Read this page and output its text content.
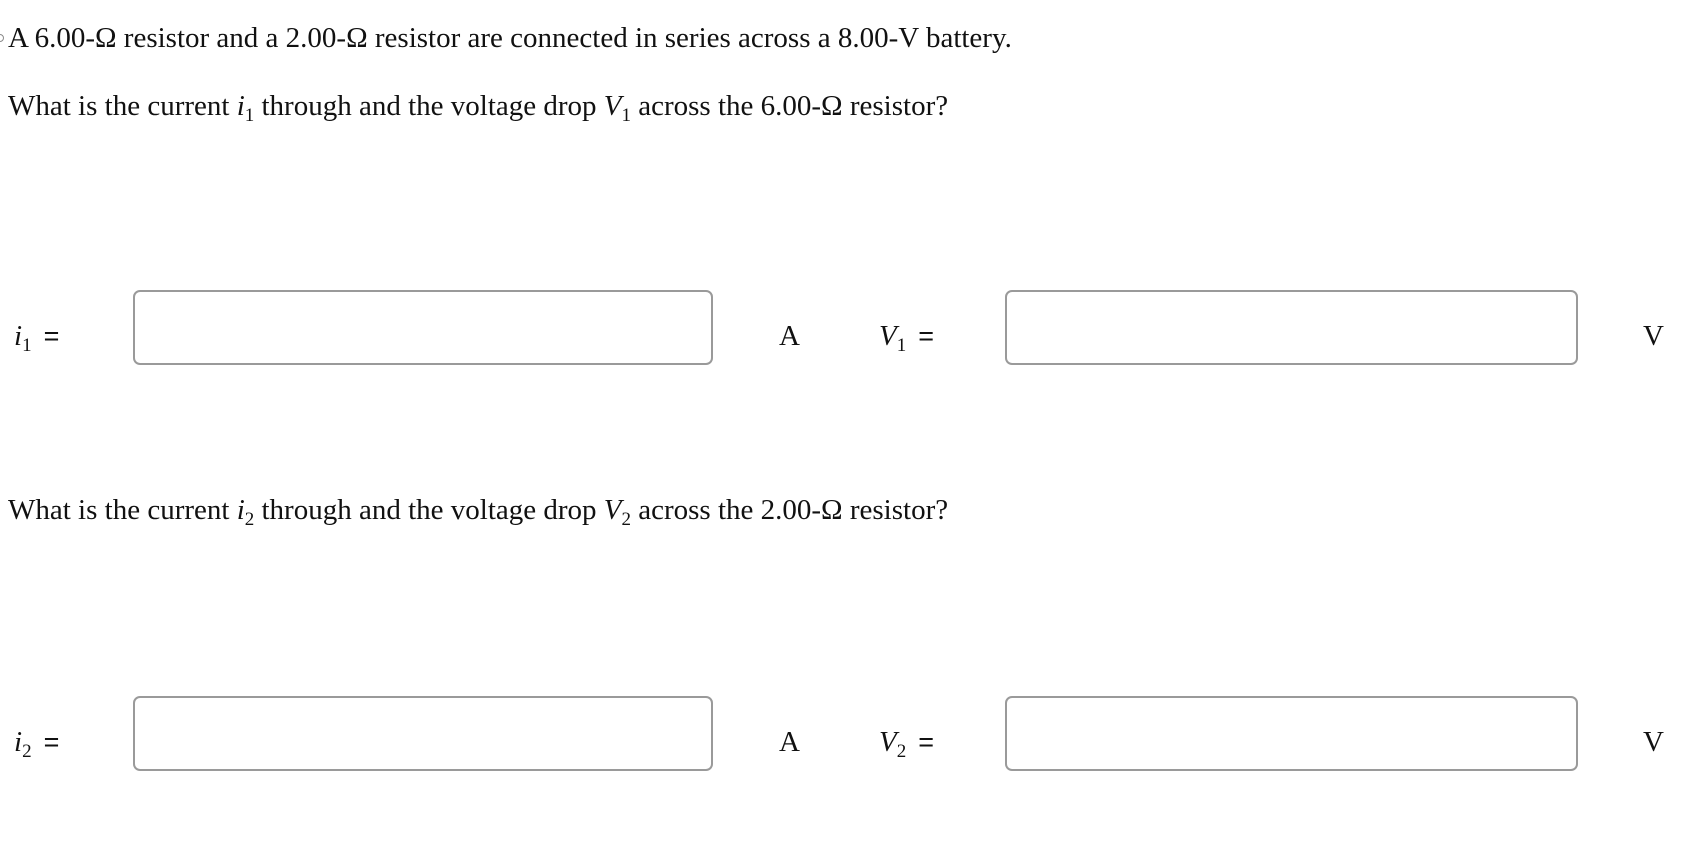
A 6.00-Ω resistor and a 2.00-Ω resistor are connected in series across a 8.00-V battery.
What is the current $i_1$ through and the voltage drop $V_1$ across the 6.00-Ω resistor?
$i_1$ =	A	$V_1$ =	V
What is the current $i_2$ through and the voltage drop $V_2$ across the 2.00-Ω resistor?
$i_2$ =	A	$V_2$ =	V
